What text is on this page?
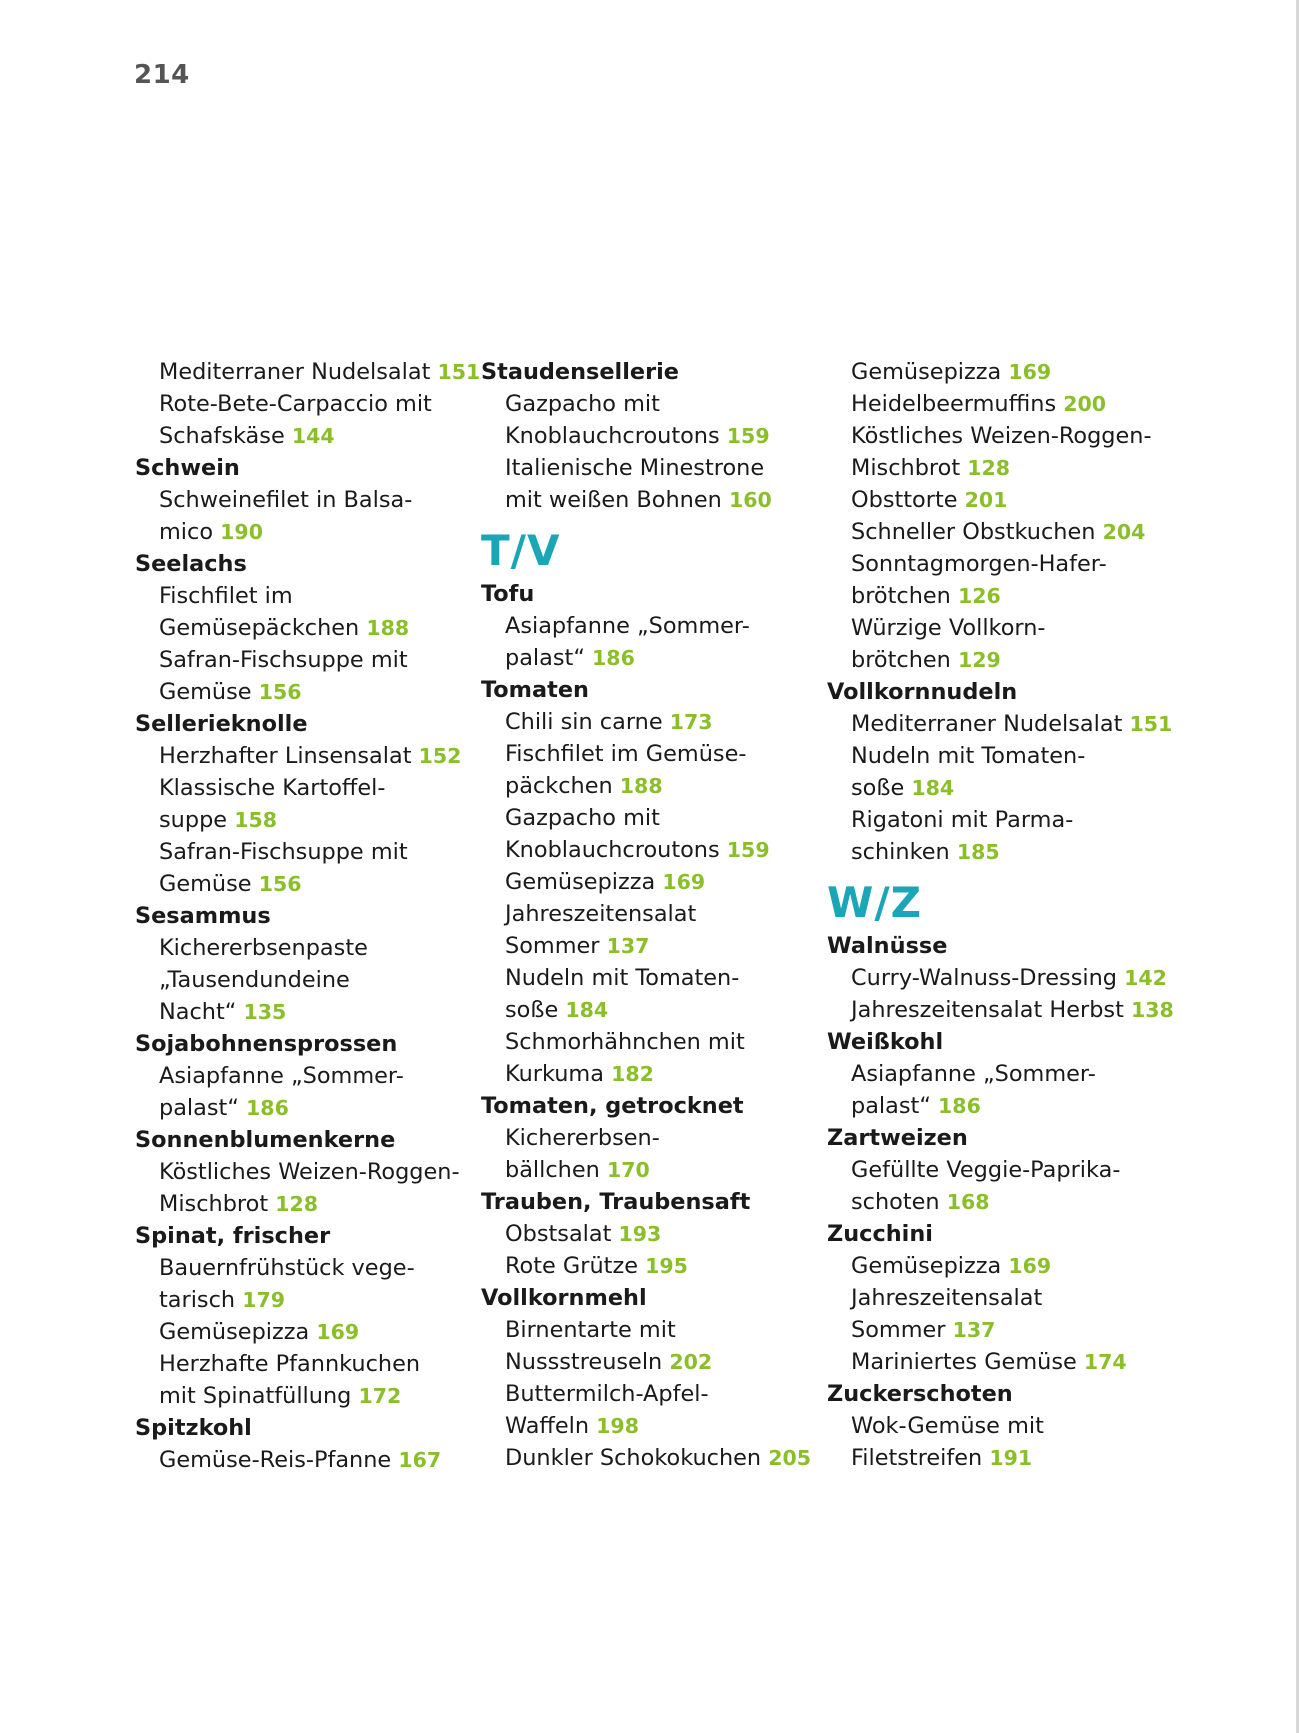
214
Mediterraner Nudelsalat 151
Rote-Bete-Carpaccio mit
Schafskäse 144
Schwein
Schweinefilet in Balsa-
mico 190
Seelachs
Fischfilet im
Gemüsepäckchen 188
Safran-Fischsuppe mit
Gemüse 156
Sellerieknolle
Herzhafter Linsensalat 152
Klassische Kartoffel-
suppe 158
Safran-Fischsuppe mit
Gemüse 156
Sesammus
Kichererbsenpaste
„Tausendundeine
Nacht“ 135
Sojabohnensprossen
Asiapfanne „Sommer-
palast“ 186
Sonnenblumenkerne
Köstliches Weizen-Roggen-
Mischbrot 128
Spinat, frischer
Bauernfrühstück vege-
tarisch 179
Gemüsepizza 169
Herzhafte Pfannkuchen
mit Spinatfüllung 172
Spitzkohl
Gemüse-Reis-Pfanne 167
Staudensellerie
Gazpacho mit
Knoblauchcroutons 159
Italienische Minestrone
mit weißen Bohnen 160
T/V
Tofu
Asiapfanne „Sommer-
palast“ 186
Tomaten
Chili sin carne 173
Fischfilet im Gemüse-
päckchen 188
Gazpacho mit
Knoblauchcroutons 159
Gemüsepizza 169
Jahreszeitensalat
Sommer 137
Nudeln mit Tomaten-
soße 184
Schmorhähnchen mit
Kurkuma 182
Tomaten, getrocknet
Kichererbsen-
bällchen 170
Trauben, Traubensaft
Obstsalat 193
Rote Grütze 195
Vollkornmehl
Birnentarte mit
Nussstreuseln 202
Buttermilch-Apfel-
Waffeln 198
Dunkler Schokokuchen 205
Gemüsepizza 169
Heidelbeermuffins 200
Köstliches Weizen-Roggen-
Mischbrot 128
Obsttorte 201
Schneller Obstkuchen 204
Sonntagmorgen-Hafer-
brötchen 126
Würzige Vollkorn-
brötchen 129
Vollkornnudeln
Mediterraner Nudelsalat 151
Nudeln mit Tomaten-
soße 184
Rigatoni mit Parma-
schinken 185
W/Z
Walnüsse
Curry-Walnuss-Dressing 142
Jahreszeitensalat Herbst 138
Weißkohl
Asiapfanne „Sommer-
palast“ 186
Zartweizen
Gefüllte Veggie-Paprika-
schoten 168
Zucchini
Gemüsepizza 169
Jahreszeitensalat
Sommer 137
Mariniertes Gemüse 174
Zuckerschoten
Wok-Gemüse mit
Filetstreifen 191
